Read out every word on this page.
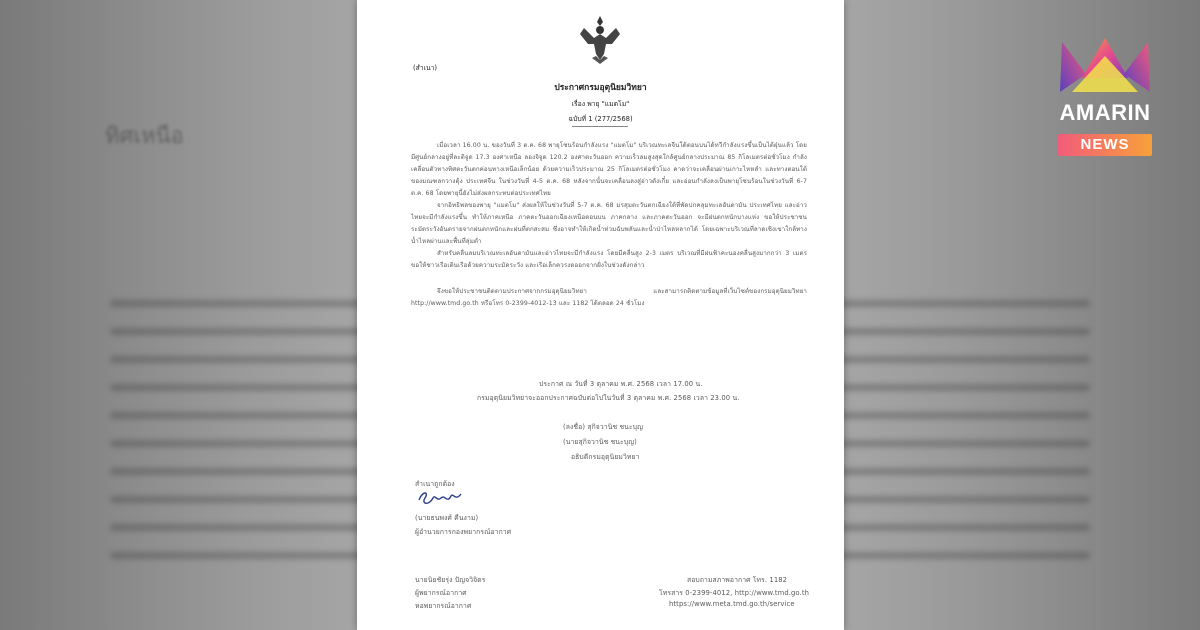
ทิศเหนือ
(สำเนา)
ประกาศกรมอุตุนิยมวิทยา
เรื่อง พายุ "แมตโม"
ฉบับที่ 1 (277/2568)

เมื่อเวลา 16.00 น. ของวันที่ 3 ต.ค. 68 พายุโซนร้อนกำลังแรง "แมตโม" บริเวณทะเลจีนใต้ตอนบนได้ทวีกำลังแรงขึ้นเป็นไต้ฝุ่นแล้ว โดยมีศูนย์กลางอยู่ที่ละติจูด 17.3 องศาเหนือ ลองจิจูด 120.2 องศาตะวันออก ความเร็วลมสูงสุดใกล้ศูนย์กลางประมาณ 85 กิโลเมตรต่อชั่วโมง กำลังเคลื่อนตัวทางทิศตะวันตกค่อนทางเหนือเล็กน้อย ด้วยความเร็วประมาณ 25 กิโลเมตรต่อชั่วโมง คาดว่าจะเคลื่อนผ่านเกาะไหหลำ และทางตอนใต้ของมณฑลกวางตุ้ง ประเทศจีน ในช่วงวันที่ 4-5 ต.ค. 68 หลังจากนั้นจะเคลื่อนลงสู่อ่าวตังเกี๋ย และอ่อนกำลังลงเป็นพายุโซนร้อนในช่วงวันที่ 6-7 ต.ค. 68 โดยพายุนี้ยังไม่ส่งผลกระทบต่อประเทศไทย

จากอิทธิพลของพายุ "แมตโม" ส่งผลให้ในช่วงวันที่ 5-7 ต.ค. 68 มรสุมตะวันตกเฉียงใต้ที่พัดปกคลุมทะเลอันดามัน ประเทศไทย และอ่าวไทยจะมีกำลังแรงขึ้น ทำให้ภาคเหนือ ภาคตะวันออกเฉียงเหนือตอนบน ภาคกลาง และภาคตะวันออก จะมีฝนตกหนักบางแห่ง ขอให้ประชาชนระมัดระวังอันตรายจากฝนตกหนักและฝนที่ตกสะสม ซึ่งอาจทำให้เกิดน้ำท่วมฉับพลันและน้ำป่าไหลหลากได้ โดยเฉพาะบริเวณที่ลาดเชิงเขาใกล้ทางน้ำไหลผ่านและพื้นที่ลุ่มต่ำ

สำหรับคลื่นลมบริเวณทะเลอันดามันและอ่าวไทยจะมีกำลังแรง โดยมีคลื่นสูง 2-3 เมตร บริเวณที่มีฝนฟ้าคะนองคลื่นสูงมากกว่า 3 เมตร ขอให้ชาวเรือเดินเรือด้วยความระมัดระวัง และเรือเล็กควรงดออกจากฝั่งในช่วงดังกล่าว

จึงขอให้ประชาชนติดตามประกาศจากกรมอุตุนิยมวิทยา และสามารถติดตามข้อมูลที่เว็บไซต์ของกรมอุตุนิยมวิทยา http://www.tmd.go.th หรือโทร 0-2399-4012-13 และ 1182 ได้ตลอด 24 ชั่วโมง

ประกาศ ณ วันที่ 3 ตุลาคม พ.ศ. 2568 เวลา 17.00 น.
กรมอุตุนิยมวิทยาจะออกประกาศฉบับต่อไปในวันที่ 3 ตุลาคม พ.ศ. 2568 เวลา 23.00 น.
(ลงชื่อ) สุกิจวานิช ชนะบุญ
(นายสุกิจวานิช ชนะบุญ)
อธิบดีกรมอุตุนิยมวิทยา
สำเนาถูกต้อง
(นายธนพงศ์ คืนงาม)
ผู้อำนวยการกองพยากรณ์อากาศ
นายนิยชัยรุ่ง ปัญจวิจิตร
ผู้พยากรณ์อากาศ
หอพยากรณ์อากาศ
สอบถามสภาพอากาศ โทร. 1182
โทรสาร 0-2399-4012, http://www.tmd.go.th
https://www.meta.tmd.go.th/service
AMARIN
NEWS
